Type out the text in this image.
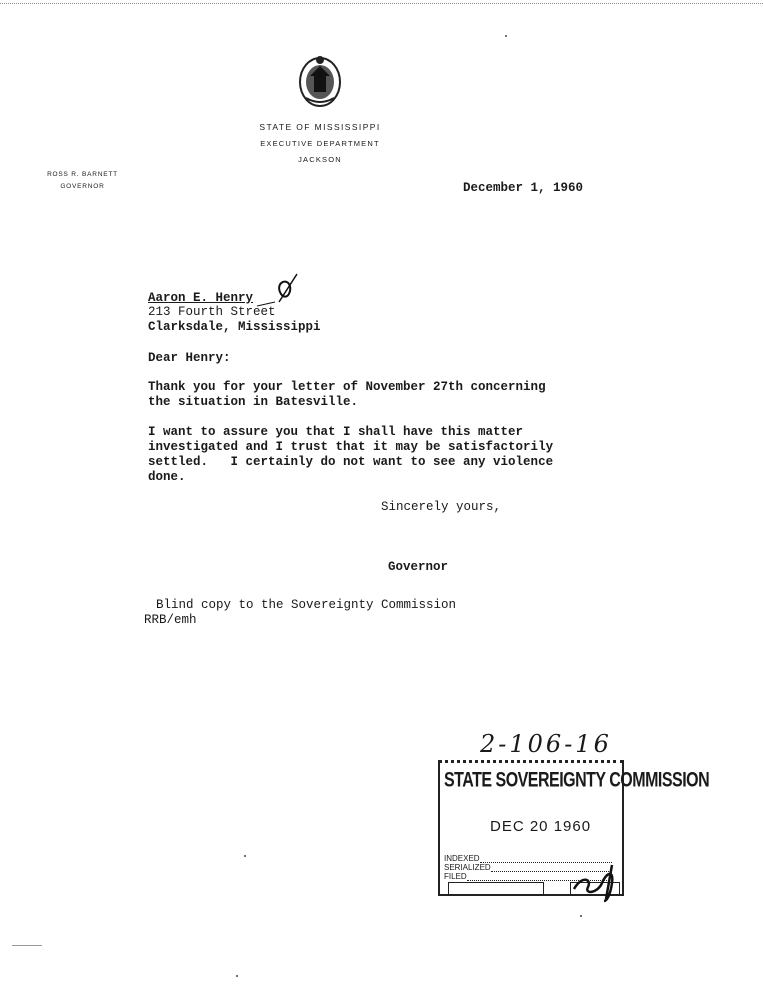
STATE OF MISSISSIPPI
EXECUTIVE DEPARTMENT
JACKSON
ROSS R. BARNETT
GOVERNOR	December 1, 1960
Aaron E. Henry
213 Fourth Street
Clarksdale, Mississippi
Dear Henry:
Thank you for your letter of November 27th concerning
the situation in Batesville.
I want to assure you that I shall have this matter
investigated and I trust that it may be satisfactorily
settled.   I certainly do not want to see any violence
done.
Sincerely yours,
Governor
Blind copy to the Sovereignty Commission
RRB/emh
2-106-16
STATE SOVEREIGNTY COMMISSION
DEC 20 1960
INDEXED
SERIALIZED
FILED
